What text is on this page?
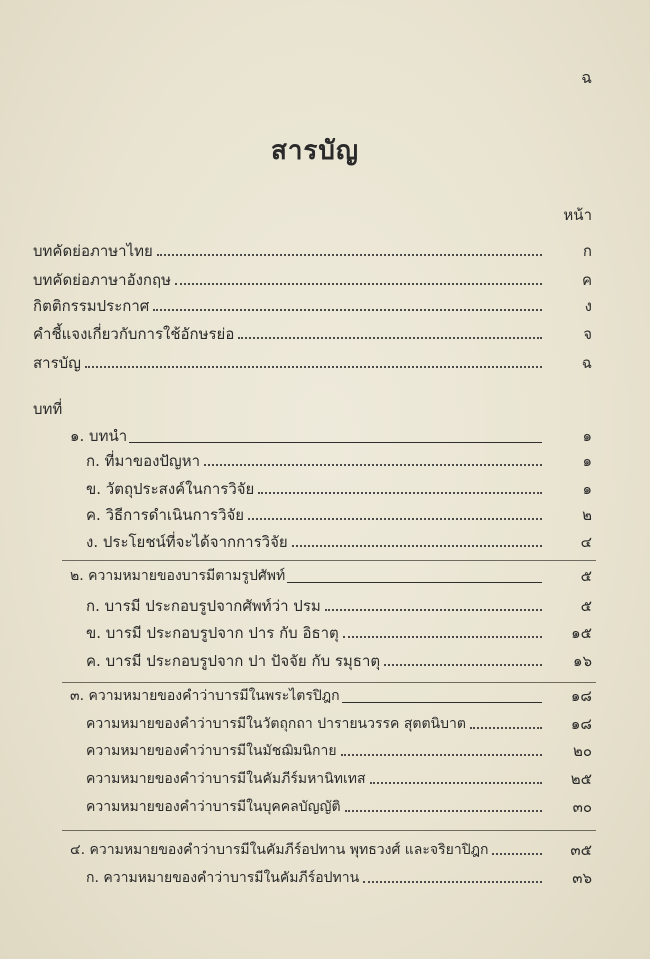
ฉ
สารบัญ
หน้า
บทคัดย่อภาษาไทย	ก
บทคัดย่อภาษาอังกฤษ	ค
กิตติกรรมประกาศ	ง
คำชี้แจงเกี่ยวกับการใช้อักษรย่อ	จ
สารบัญ	ฉ
บทที่
๑. บทนำ	๑
ก. ที่มาของปัญหา	๑
ข. วัตถุประสงค์ในการวิจัย	๑
ค. วิธีการดำเนินการวิจัย	๒
ง. ประโยชน์ที่จะได้จากการวิจัย	๔
๒. ความหมายของบารมีตามรูปศัพท์	๕
ก. บารมี ประกอบรูปจากศัพท์ว่า ปรม	๕
ข. บารมี ประกอบรูปจาก ปาร กับ อิธาตุ	๑๕
ค. บารมี ประกอบรูปจาก ปา ปัจจัย กับ รมุธาตุ	๑๖
๓. ความหมายของคำว่าบารมีในพระไตรปิฎก	๑๘
ความหมายของคำว่าบารมีในวัตถุกถา ปารายนวรรค สุตตนิบาต	๑๘
ความหมายของคำว่าบารมีในมัชฌิมนิกาย	๒๐
ความหมายของคำว่าบารมีในคัมภีร์มหานิทเทส	๒๕
ความหมายของคำว่าบารมีในบุคคลบัญญัติ	๓๐
๔. ความหมายของคำว่าบารมีในคัมภีร์อปทาน พุทธวงศ์ และจริยาปิฎก	๓๕
ก. ความหมายของคำว่าบารมีในคัมภีร์อปทาน	๓๖
